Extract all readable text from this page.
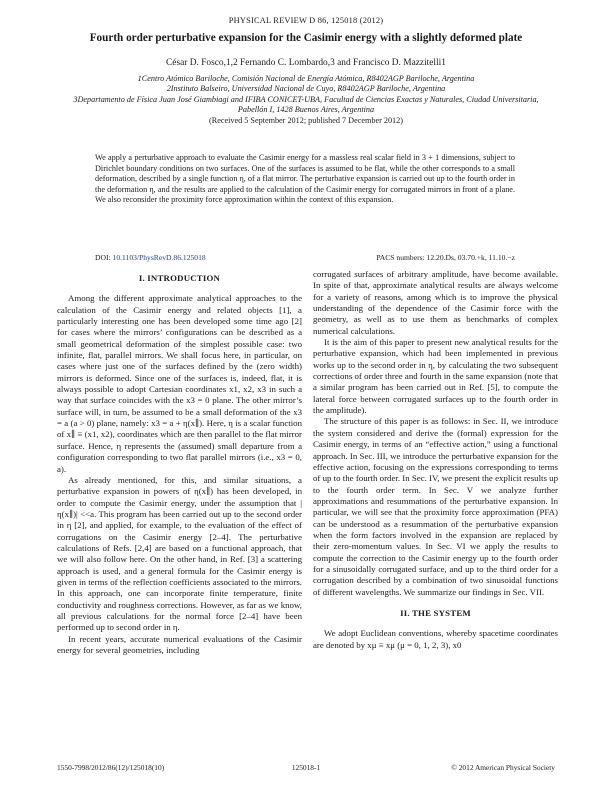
PHYSICAL REVIEW D 86, 125018 (2012)
Fourth order perturbative expansion for the Casimir energy with a slightly deformed plate
César D. Fosco,1,2 Fernando C. Lombardo,3 and Francisco D. Mazzitelli1
1Centro Atómico Bariloche, Comisión Nacional de Energía Atómica, R8402AGP Bariloche, Argentina
2Instituto Balseiro, Universidad Nacional de Cuyo, R8402AGP Bariloche, Argentina
3Departamento de Física Juan José Giambiagi and IFIBA CONICET-UBA, Facultad de Ciencias Exactas y Naturales, Ciudad Universitaria, Pabellón I, 1428 Buenos Aires, Argentina
(Received 5 September 2012; published 7 December 2012)
We apply a perturbative approach to evaluate the Casimir energy for a massless real scalar field in 3 + 1 dimensions, subject to Dirichlet boundary conditions on two surfaces. One of the surfaces is assumed to be flat, while the other corresponds to a small deformation, described by a single function η, of a flat mirror. The perturbative expansion is carried out up to the fourth order in the deformation η, and the results are applied to the calculation of the Casimir energy for corrugated mirrors in front of a plane. We also reconsider the proximity force approximation within the context of this expansion.
DOI: 10.1103/PhysRevD.86.125018	PACS numbers: 12.20.Ds, 03.70.+k, 11.10.−z
I. INTRODUCTION

Among the different approximate analytical approaches to the calculation of the Casimir energy and related objects [1], a particularly interesting one has been developed some time ago [2] for cases where the mirrors’ configurations can be described as a small geometrical deformation of the simplest possible case: two infinite, flat, parallel mirrors. We shall focus here, in particular, on cases where just one of the surfaces defined by the (zero width) mirrors is deformed. Since one of the surfaces is, indeed, flat, it is always possible to adopt Cartesian coordinates x1, x2, x3 in such a way that surface coincides with the x3 = 0 plane. The other mirror’s surface will, in turn, be assumed to be a small deformation of the x3 = a (a > 0) plane, namely: x3 = a + η(x∥). Here, η is a scalar function of x∥ ≡ (x1, x2), coordinates which are then parallel to the flat mirror surface. Hence, η represents the (assumed) small departure from a configuration corresponding to two flat parallel mirrors (i.e., x3 = 0, a).

As already mentioned, for this, and similar situations, a perturbative expansion in powers of η(x∥) has been developed, in order to compute the Casimir energy, under the assumption that |η(x∥)| <<a. This program has been carried out up to the second order in η [2], and applied, for example, to the evaluation of the effect of corrugations on the Casimir energy [2–4]. The perturbative calculations of Refs. [2,4] are based on a functional approach, that we will also follow here. On the other hand, in Ref. [3] a scattering approach is used, and a general formula for the Casimir energy is given in terms of the reflection coefficients associated to the mirrors. In this approach, one can incorporate finite temperature, finite conductivity and roughness corrections. However, as far as we know, all previous calculations for the normal force [2–4] have been performed up to second order in η.

In recent years, accurate numerical evaluations of the Casimir energy for several geometries, including

corrugated surfaces of arbitrary amplitude, have become available. In spite of that, approximate analytical results are always welcome for a variety of reasons, among which is to improve the physical understanding of the dependence of the Casimir force with the geometry, as well as to use them as benchmarks of complex numerical calculations.

It is the aim of this paper to present new analytical results for the perturbative expansion, which had been implemented in previous works up to the second order in η, by calculating the two subsequent corrections of order three and fourth in the same expansion (note that a similar program has been carried out in Ref. [5], to compute the lateral force between corrugated surfaces up to the fourth order in the amplitude).

The structure of this paper is as follows: in Sec. II, we introduce the system considered and derive the (formal) expression for the Casimir energy, in terms of an “effective action,” using a functional approach. In Sec. III, we introduce the perturbative expansion for the effective action, focusing on the expressions corresponding to terms of up to the fourth order. In Sec. IV, we present the explicit results up to the fourth order term. In Sec. V we analyze further approximations and resummations of the perturbative expansion. In particular, we will see that the proximity force approximation (PFA) can be understood as a resummation of the perturbative expansion when the form factors involved in the expansion are replaced by their zero-momentum values. In Sec. VI we apply the results to compute the correction to the Casimir energy up to the fourth order for a sinusoidally corrugated surface, and up to the third order for a corrugation described by a combination of two sinusoidal functions of different wavelengths. We summarize our findings in Sec. VII.

II. THE SYSTEM

We adopt Euclidean conventions, whereby spacetime coordinates are denoted by xμ ≡ xμ (μ = 0, 1, 2, 3), x0

1550-7998/2012/86(12)/125018(10)	125018-1	© 2012 American Physical Society
